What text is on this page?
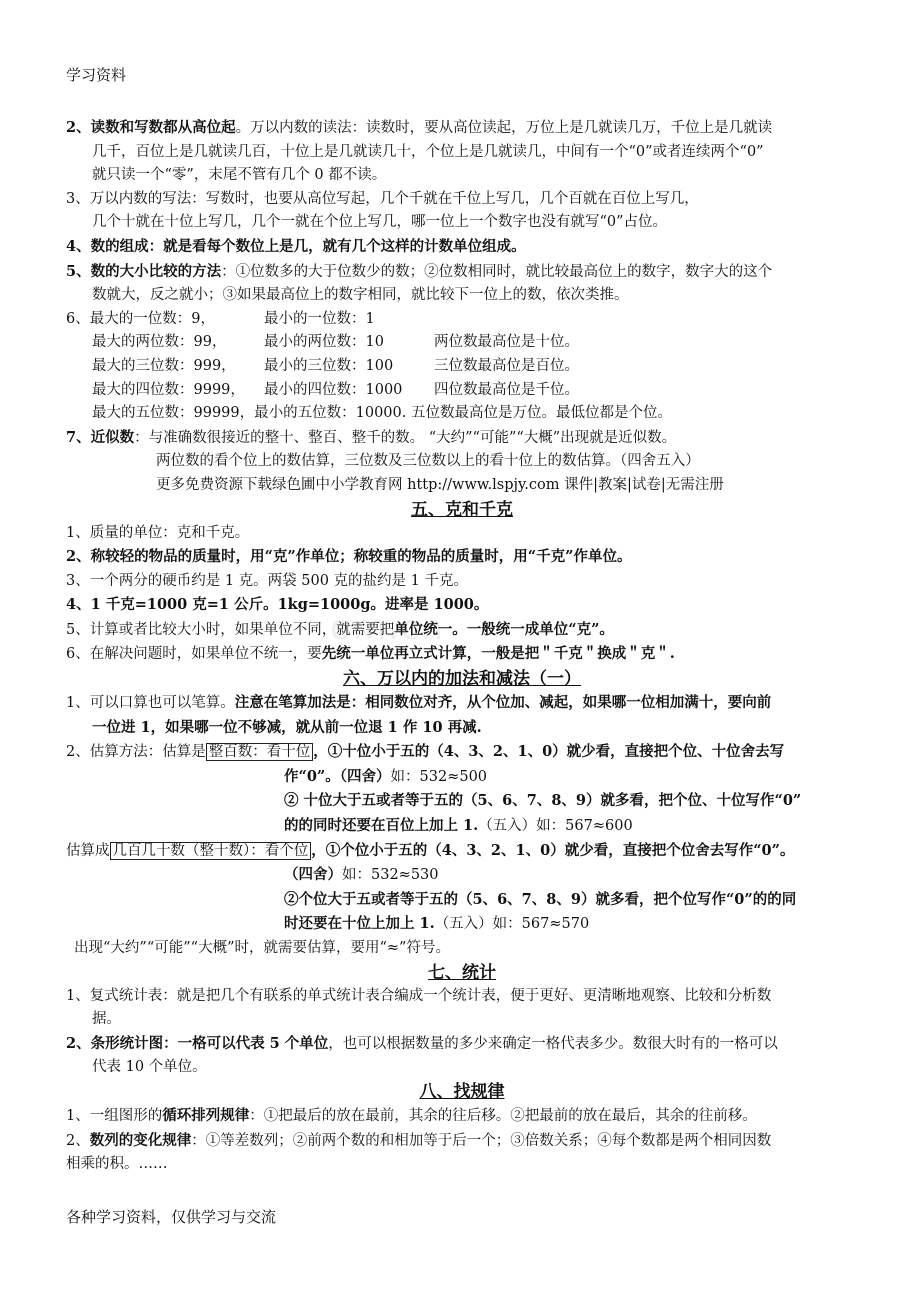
学习资料
om.cn

2、读数和写数都从高位起。万以内数的读法：读数时，要从高位读起，万位上是几就读几万，千位上是几就读

几千，百位上是几就读几百，十位上是几就读几十，个位上是几就读几，中间有一个“0”或者连续两个“0”

就只读一个“零”，末尾不管有几个 0 都不读。

3、万以内数的写法：写数时，也要从高位写起，几个千就在千位上写几，几个百就在百位上写几，

几个十就在十位上写几，几个一就在个位上写几，哪一位上一个数字也没有就写“0”占位。

4、数的组成：就是看每个数位上是几，就有几个这样的计数单位组成。

5、数的大小比较的方法：①位数多的大于位数少的数；②位数相同时，就比较最高位上的数字，数字大的这个

数就大，反之就小；③如果最高位上的数字相同，就比较下一位上的数，依次类推。

6、最大的一位数：9，	最小的一位数：1

最大的两位数：99，	最小的两位数：10	两位数最高位是十位。

最大的三位数：999，	最小的三位数：100	三位数最高位是百位。

最大的四位数：9999，	最小的四位数：1000	四位数最高位是千位。

最大的五位数：99999，最小的五位数：10000. 五位数最高位是万位。最低位都是个位。

7、近似数：与准确数很接近的整十、整百、整千的数。 “大约”“可能”“大概”出现就是近似数。

两位数的看个位上的数估算，三位数及三位数以上的看十位上的数估算。（四舍五入）

更多免费资源下载绿色圃中小学教育网 http://www.lspjy.com 课件|教案|试卷|无需注册

五、克和千克

1、质量的单位：克和千克。

2、称较轻的物品的质量时，用“克”作单位；称较重的物品的质量时，用“千克”作单位。

3、一个两分的硬币约是 1 克。两袋 500 克的盐约是 1 千克。

4、1 千克=1000 克=1 公斤。1kg=1000g。进率是 1000。

5、计算或者比较大小时，如果单位不同，就需要把单位统一。一般统一成单位“克”。

6、在解决问题时，如果单位不统一，要先统一单位再立式计算，一般是把＂千克＂换成＂克＂.

六、万以内的加法和减法（一）

1、可以口算也可以笔算。注意在笔算加法是：相同数位对齐，从个位加、减起，如果哪一位相加满十，要向前

一位进 1，如果哪一位不够减，就从前一位退 1 作 10 再减.

2、估算方法：估算是 整百数：看十位 ，①十位小于五的（4、3、2、1、0）就少看，直接把个位、十位舍去写

作“0”。（四舍）如：532≈500

② 十位大于五或者等于五的（5、6、7、8、9）就多看，把个位、十位写作“0”

的的同时还要在百位上加上 1.（五入）如：567≈600

估算成 几百几十数（整十数）：看个位 ，①个位小于五的（4、3、2、1、0）就少看，直接把个位舍去写作“0”。

（四舍）如：532≈530

②个位大于五或者等于五的（5、6、7、8、9）就多看，把个位写作“0”的的同

时还要在十位上加上 1.（五入）如：567≈570

出现“大约”“可能”“大概”时，就需要估算，要用“≈”符号。

七、统计

1、复式统计表：就是把几个有联系的单式统计表合编成一个统计表，便于更好、更清晰地观察、比较和分析数

据。

2、条形统计图：一格可以代表 5 个单位，也可以根据数量的多少来确定一格代表多少。数很大时有的一格可以

代表 10 个单位。

八、找规律

1、一组图形的循环排列规律：①把最后的放在最前，其余的往后移。②把最前的放在最后，其余的往前移。

2、数列的变化规律：①等差数列；②前两个数的和相加等于后一个；③倍数关系；④每个数都是两个相同因数

相乘的积。……

各种学习资料，仅供学习与交流
